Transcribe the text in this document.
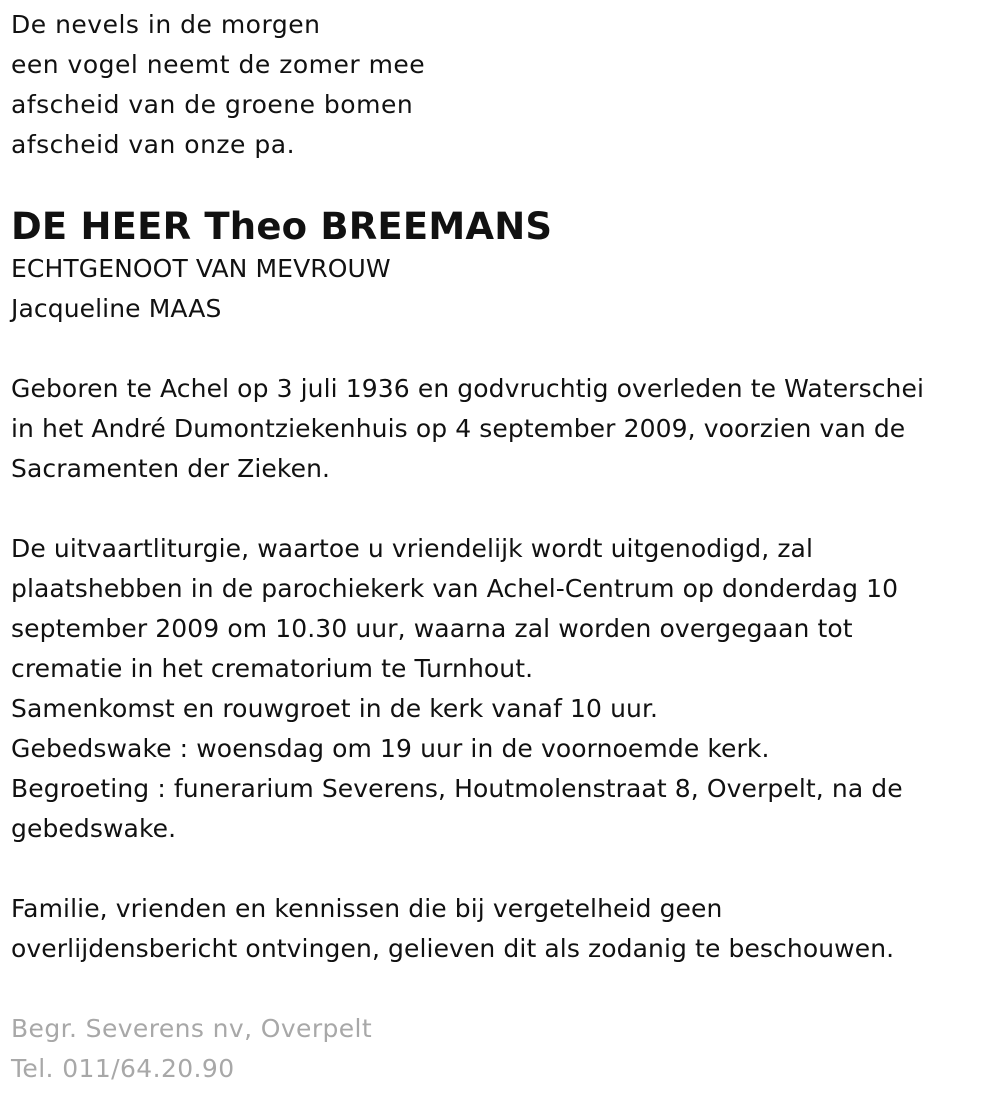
De nevels in de morgen
een vogel neemt de zomer mee
afscheid van de groene bomen
afscheid van onze pa.
DE HEER Theo BREEMANS
ECHTGENOOT VAN MEVROUW
Jacqueline MAAS
Geboren te Achel op 3 juli 1936 en godvruchtig overleden te Waterschei
in het André Dumontziekenhuis op 4 september 2009, voorzien van de
Sacramenten der Zieken.
De uitvaartliturgie, waartoe u vriendelijk wordt uitgenodigd, zal
plaatshebben in de parochiekerk van Achel-Centrum op donderdag 10
september 2009 om 10.30 uur, waarna zal worden overgegaan tot
crematie in het crematorium te Turnhout.
Samenkomst en rouwgroet in de kerk vanaf 10 uur.
Gebedswake : woensdag om 19 uur in de voornoemde kerk.
Begroeting : funerarium Severens, Houtmolenstraat 8, Overpelt, na de
gebedswake.
Familie, vrienden en kennissen die bij vergetelheid geen
overlijdensbericht ontvingen, gelieven dit als zodanig te beschouwen.
Begr. Severens nv, Overpelt
Tel. 011/64.20.90
